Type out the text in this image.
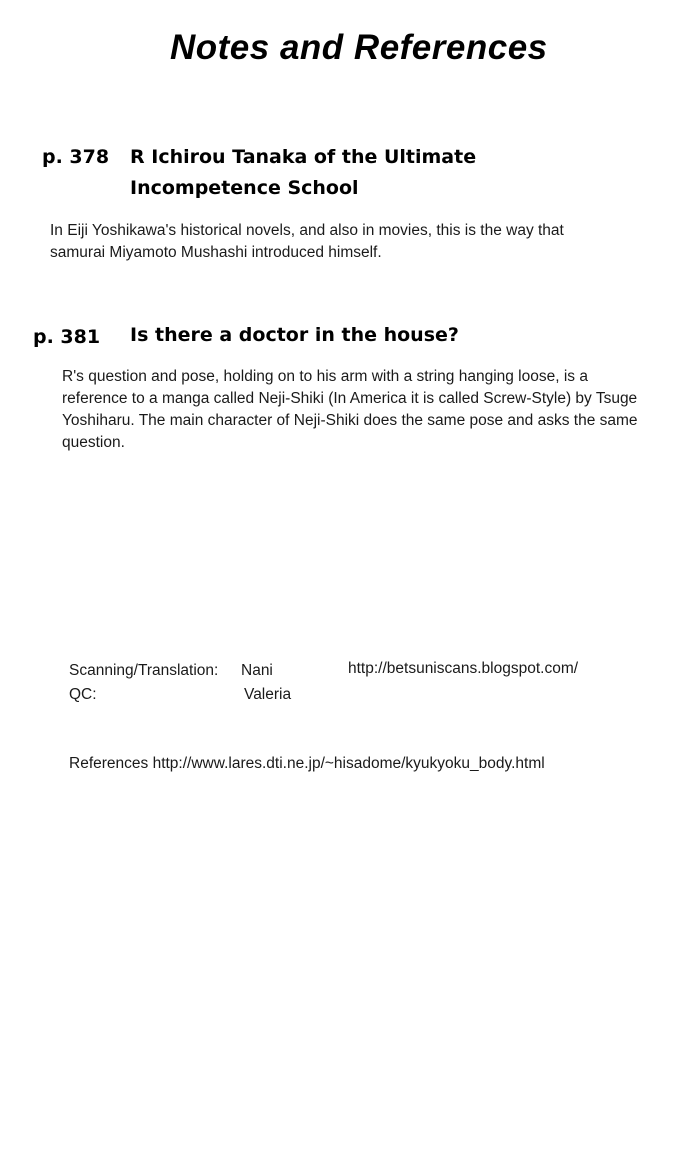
Notes and References
p. 378 R Ichirou Tanaka of the Ultimate
Incompetence School
In Eiji Yoshikawa's historical novels, and also in movies, this is the way that
samurai Miyamoto Mushashi introduced himself.
p. 381 Is there a doctor in the house?
R's question and pose, holding on to his arm with a string hanging loose, is a
reference to a manga called Neji-Shiki (In America it is called Screw-Style) by Tsuge
Yoshiharu. The main character of Neji-Shiki does the same pose and asks the same
question.
Scanning/Translation: Nani	http://betsuniscans.blogspot.com/
QC:	Valeria
References http://www.lares.dti.ne.jp/~hisadome/kyukyoku_body.html
